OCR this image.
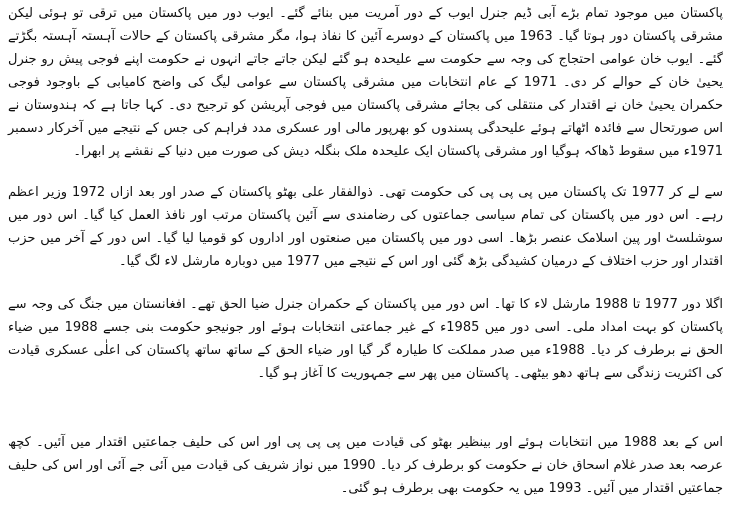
پاکستان میں موجود تمام بڑے آبی ڈیم جنرل ایوب کے دور آمریت میں بنائے گئے۔ ایوب دور میں پاکستان میں ترقی تو ہوئی لیکن مشرقی پاکستان دور ہوتا گیا۔ 1963 میں پاکستان کے دوسرے آئین کا نفاذ ہوا، مگر مشرقی پاکستان کے حالات آہستہ آہستہ بگڑتے گئے۔ ایوب خان عوامی احتجاج کی وجہ سے حکومت سے علیحدہ ہو گئے لیکن جاتے جاتے انہوں نے حکومت اپنے فوجی پیش رو جنرل یحییٰ خان کے حوالے کر دی۔ 1971 کے عام انتخابات میں مشرقی پاکستان سے عوامی لیگ کی واضح کامیابی کے باوجود فوجی حکمران یحییٰ خان نے اقتدار کی منتقلی کی بجائے مشرقی پاکستان میں فوجی آپریشن کو ترجیح دی۔ کہا جاتا ہے کہ ہندوستان نے اس صورتحال سے فائدہ اٹھاتے ہوئے علیحدگی پسندوں کو بھرپور مالی اور عسکری مدد فراہم کی جس کے نتیجے میں آخرکار دسمبر 1971ء میں سقوط ڈھاکہ ہوگیا اور مشرقی پاکستان ایک علیحدہ ملک بنگلہ دیش کی صورت میں دنیا کے نقشے پر ابھرا۔

سے لے کر 1977 تک پاکستان میں پی پی پی کی حکومت تھی۔ ذوالفقار علی بھٹو پاکستان کے صدر اور بعد ازاں 1972 وزیر اعظم رہے۔ اس دور میں پاکستان کی تمام سیاسی جماعتوں کی رضامندی سے آئین پاکستان مرتب اور نافذ العمل کیا گیا۔ اس دور میں سوشلسٹ اور پین اسلامک عنصر بڑھا۔ اسی دور میں پاکستان میں صنعتوں اور اداروں کو قومیا لیا گیا۔ اس دور کے آخر میں حزب اقتدار اور حزب اختلاف کے درمیان کشیدگی بڑھ گئی اور اس کے نتیجے میں 1977 میں دوبارہ مارشل لاء لگ گیا۔

اگلا دور 1977 تا 1988 مارشل لاء کا تھا۔ اس دور میں پاکستان کے حکمران جنرل ضیا الحق تھے۔ افغانستان میں جنگ کی وجہ سے پاکستان کو بہت امداد ملی۔ اسی دور میں 1985ء کے غیر جماعتی انتخابات ہوئے اور جونیجو حکومت بنی جسے 1988 میں ضیاء الحق نے برطرف کر دیا۔ 1988ء میں صدر مملکت کا طیارہ گر گیا اور ضیاء الحق کے ساتھ ساتھ پاکستان کی اعلٰی عسکری قیادت کی اکثریت زندگی سے ہاتھ دھو بیٹھی۔ پاکستان میں پھر سے جمہوریت کا آغاز ہو گیا۔

اس کے بعد 1988 میں انتخابات ہوئے اور بینظیر بھٹو کی قیادت میں پی پی پی اور اس کی حلیف جماعتیں اقتدار میں آئیں۔ کچھ عرصہ بعد صدر غلام اسحاق خان نے حکومت کو برطرف کر دیا۔ 1990 میں نواز شریف کی قیادت میں آئی جے آئی اور اس کی حلیف جماعتیں اقتدار میں آئیں۔ 1993 میں یہ حکومت بھی برطرف ہو گئی۔
